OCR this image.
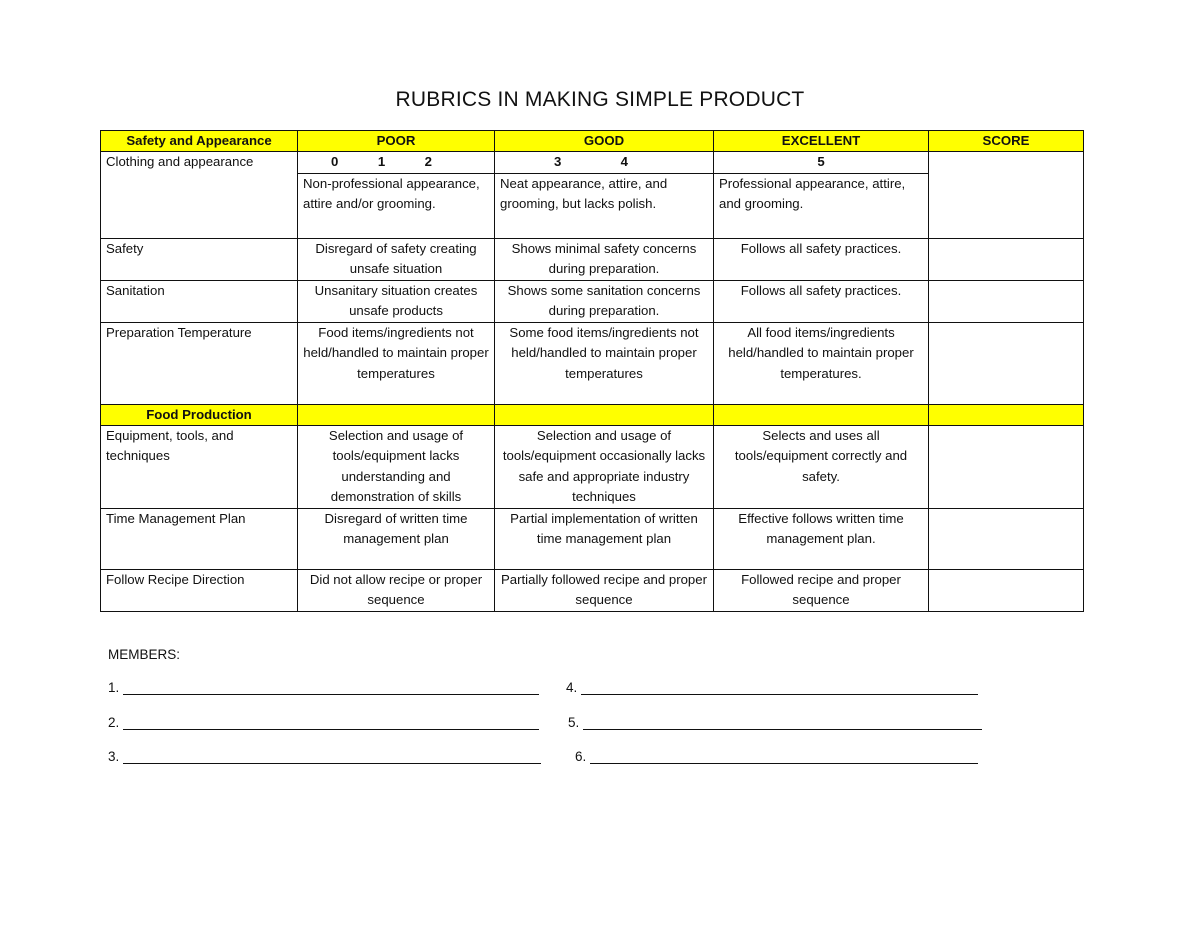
RUBRICS IN MAKING SIMPLE PRODUCT
Safety and Appearance	POOR	GOOD	EXCELLENT	SCORE
Clothing and appearance	0 1 2	3 4	5	
	Non-professional appearance, attire and/or grooming.	Neat appearance, attire, and grooming, but lacks polish.	Professional appearance, attire, and grooming.	
Safety	Disregard of safety creating unsafe situation	Shows minimal safety concerns during preparation.	Follows all safety practices.	
Sanitation	Unsanitary situation creates unsafe products	Shows some sanitation concerns during preparation.	Follows all safety practices.	
Preparation Temperature	Food items/ingredients not held/handled to maintain proper temperatures	Some food items/ingredients not held/handled to maintain proper temperatures	All food items/ingredients held/handled to maintain proper temperatures.	
Food Production				
Equipment, tools, and techniques	Selection and usage of tools/equipment lacks understanding and demonstration of skills	Selection and usage of tools/equipment occasionally lacks safe and appropriate industry techniques	Selects and uses all tools/equipment correctly and safety.	
Time Management Plan	Disregard of written time management plan	Partial implementation of written time management plan	Effective follows written time management plan.	
Follow Recipe Direction	Did not allow recipe or proper sequence	Partially followed recipe and proper sequence	Followed recipe and proper sequence	
MEMBERS:
1.
2.
3.
4.
5.
6.
